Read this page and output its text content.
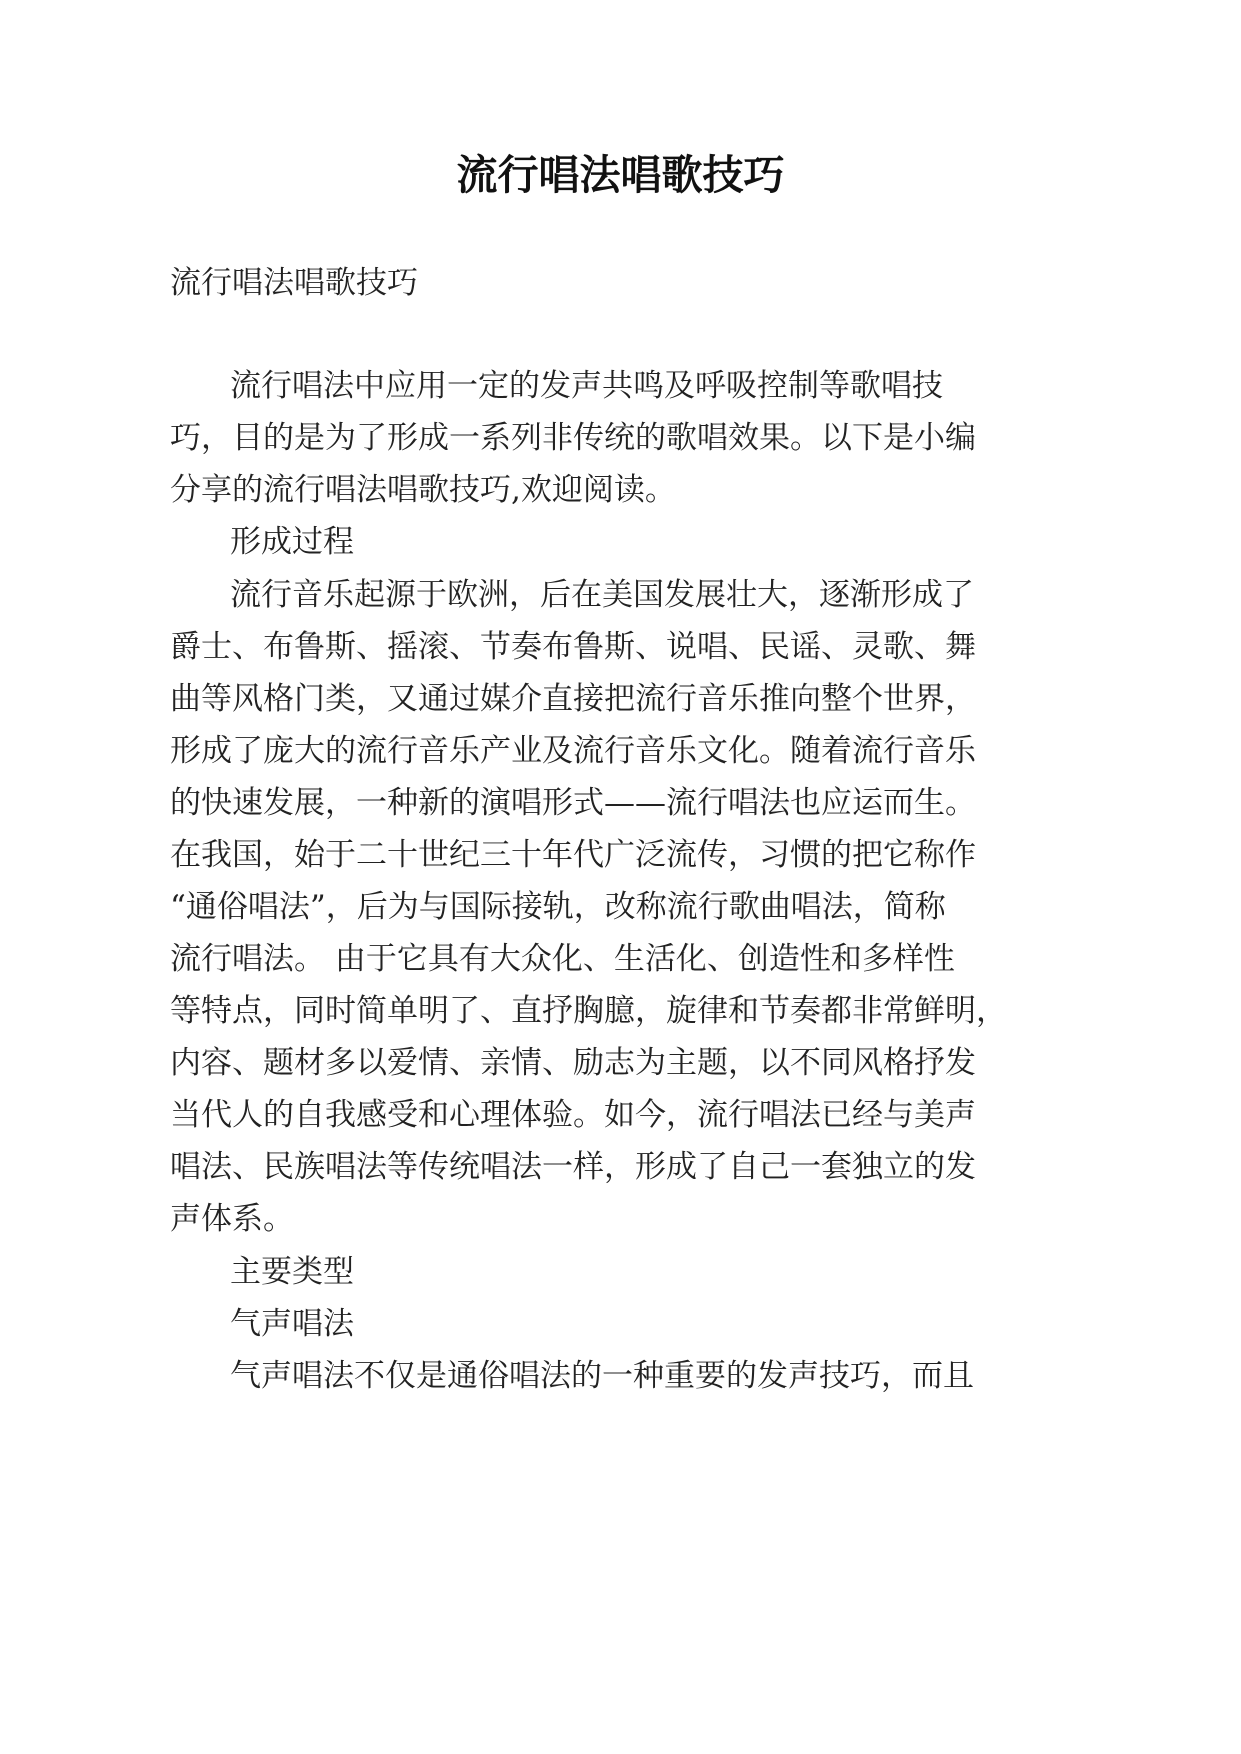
流行唱法唱歌技巧

流行唱法唱歌技巧

流行唱法中应用一定的发声共鸣及呼吸控制等歌唱技

巧，目的是为了形成一系列非传统的歌唱效果。以下是小编

分享的流行唱法唱歌技巧,欢迎阅读。

形成过程

流行音乐起源于欧洲，后在美国发展壮大，逐渐形成了

爵士、布鲁斯、摇滚、节奏布鲁斯、说唱、民谣、灵歌、舞

曲等风格门类，又通过媒介直接把流行音乐推向整个世界，

形成了庞大的流行音乐产业及流行音乐文化。随着流行音乐

的快速发展，一种新的演唱形式——流行唱法也应运而生。

在我国，始于二十世纪三十年代广泛流传，习惯的把它称作

“通俗唱法”，后为与国际接轨，改称流行歌曲唱法，简称

流行唱法。 由于它具有大众化、生活化、创造性和多样性

等特点，同时简单明了、直抒胸臆，旋律和节奏都非常鲜明，

内容、题材多以爱情、亲情、励志为主题，以不同风格抒发

当代人的自我感受和心理体验。如今，流行唱法已经与美声

唱法、民族唱法等传统唱法一样，形成了自己一套独立的发

声体系。

主要类型

气声唱法

气声唱法不仅是通俗唱法的一种重要的发声技巧，而且
